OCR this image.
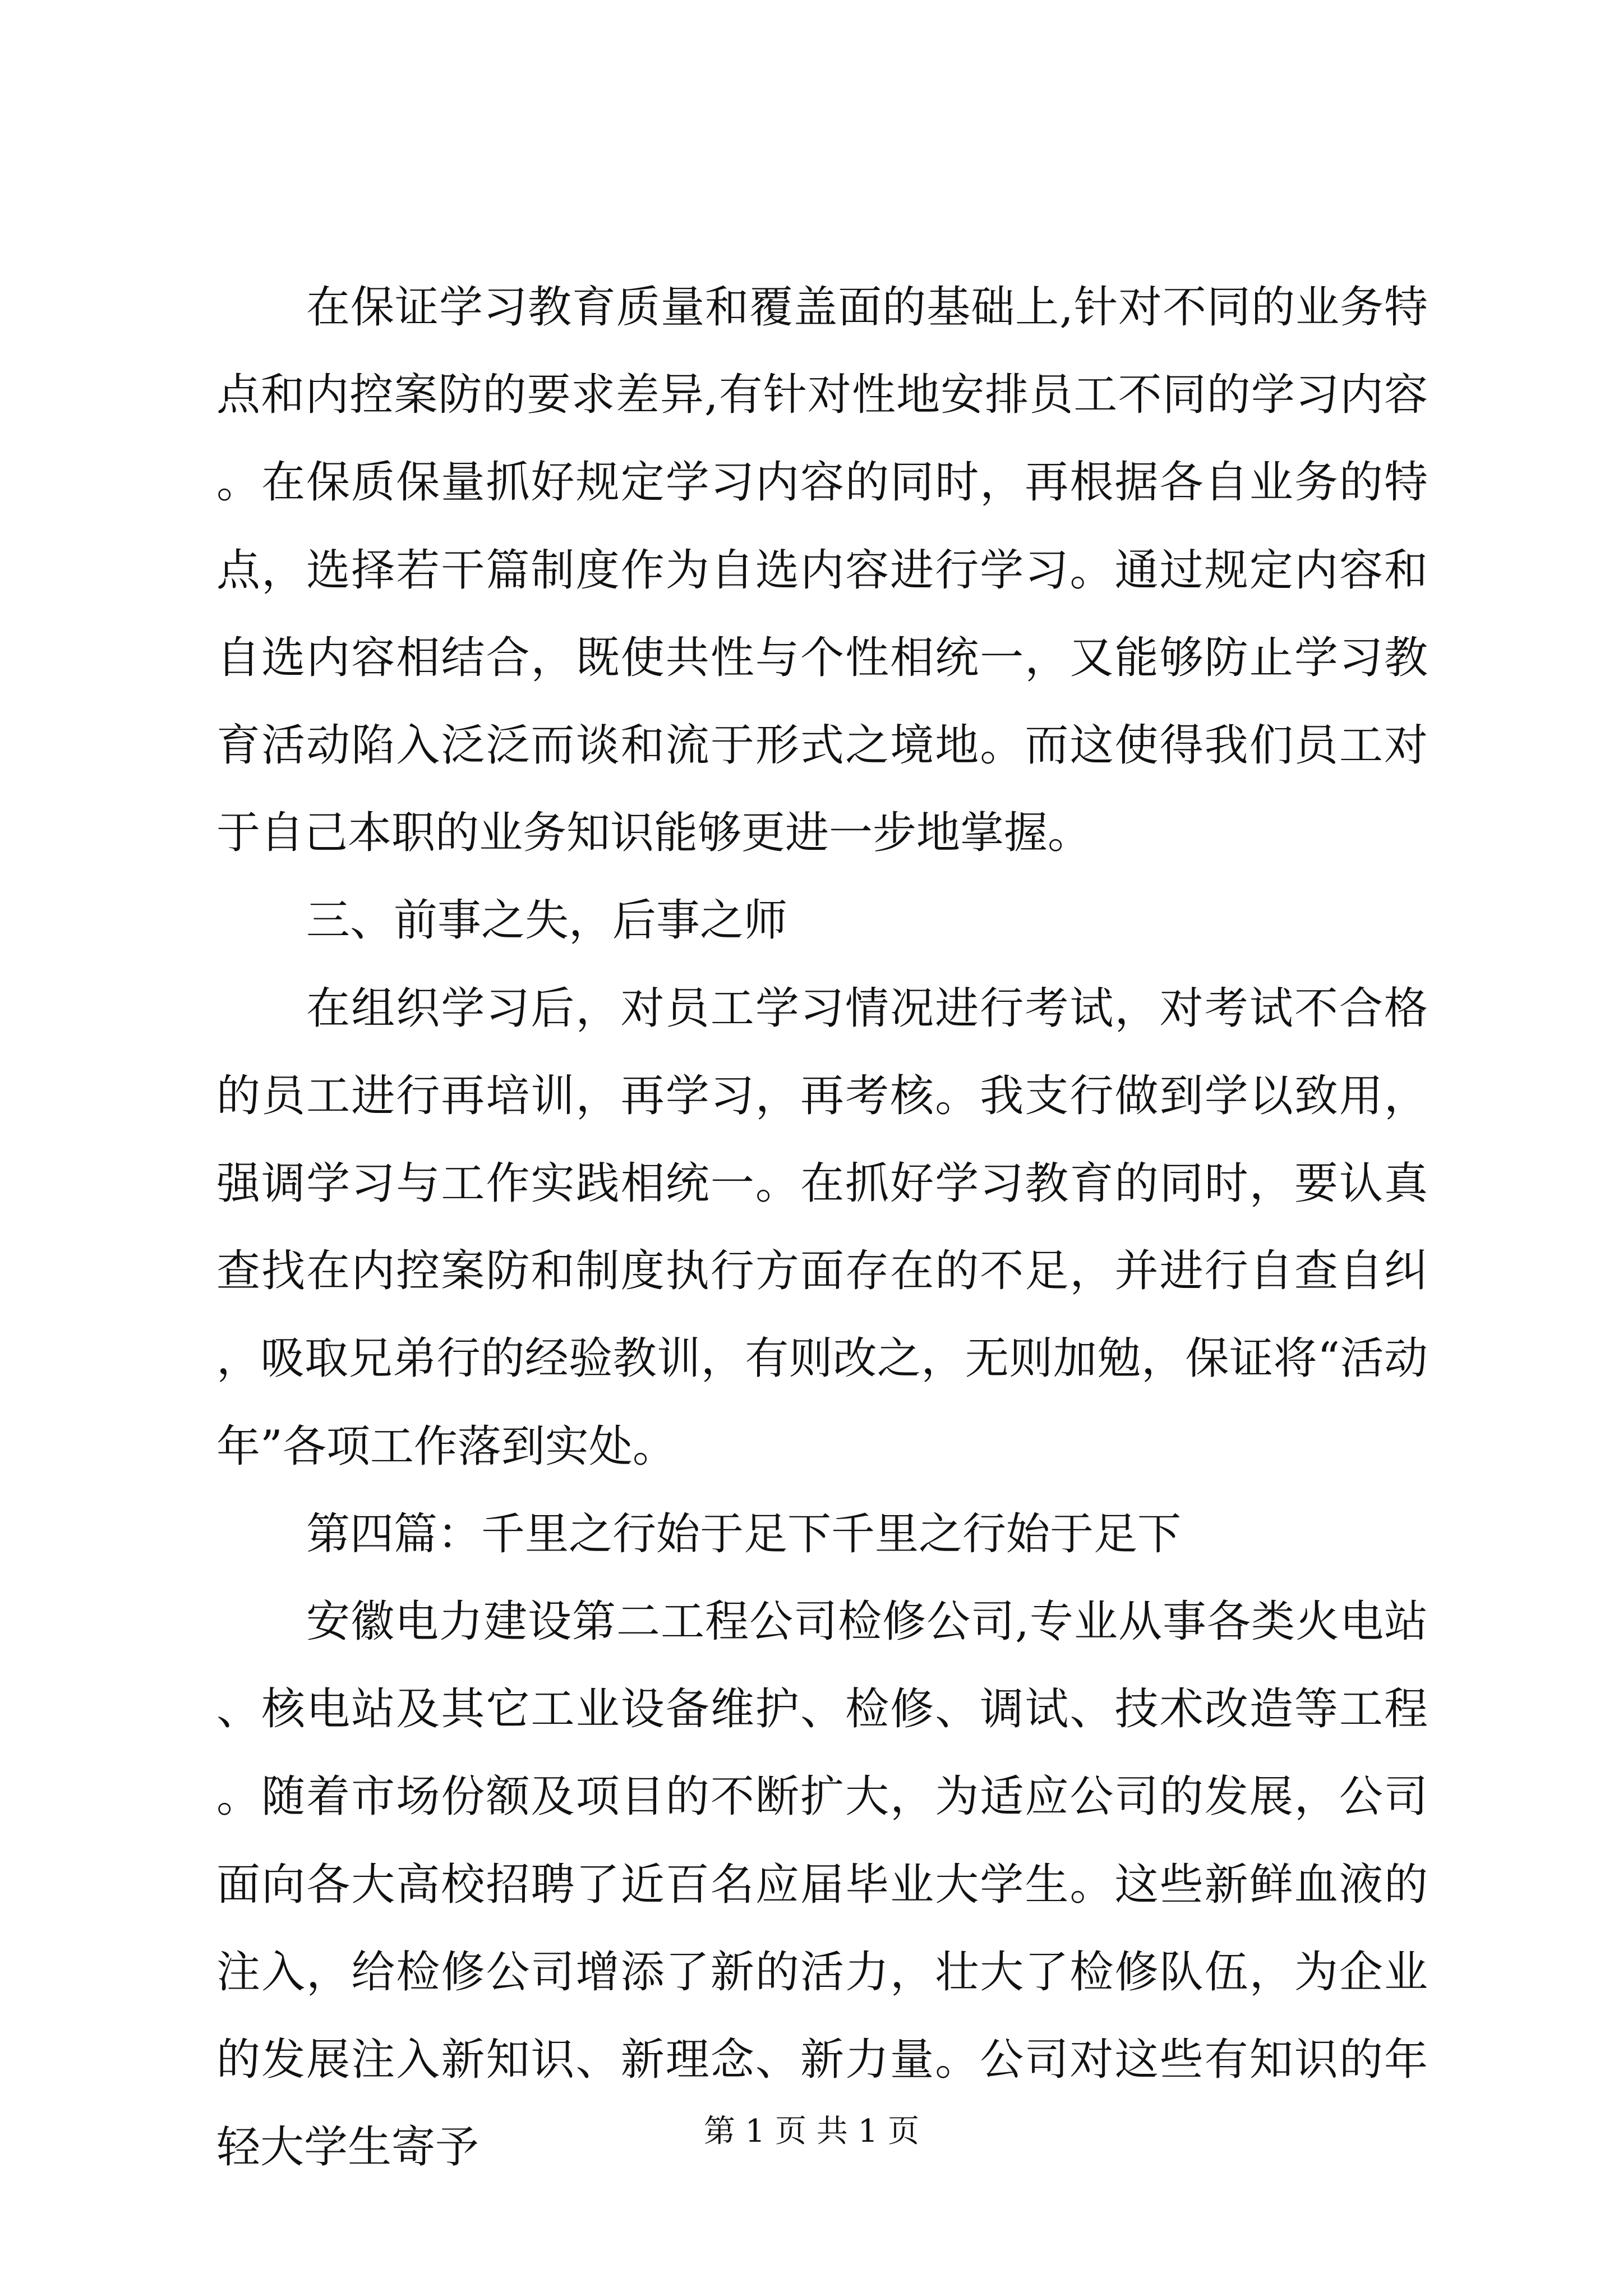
在保证学习教育质量和覆盖面的基础上,针对不同的业务特点和内控案防的要求差异,有针对性地安排员工不同的学习内容。在保质保量抓好规定学习内容的同时，再根据各自业务的特点，选择若干篇制度作为自选内容进行学习。通过规定内容和自选内容相结合，既使共性与个性相统一，又能够防止学习教育活动陷入泛泛而谈和流于形式之境地。而这使得我们员工对于自己本职的业务知识能够更进一步地掌握。

三、前事之失，后事之师

在组织学习后，对员工学习情况进行考试，对考试不合格的员工进行再培训，再学习，再考核。我支行做到学以致用，强调学习与工作实践相统一。在抓好学习教育的同时，要认真查找在内控案防和制度执行方面存在的不足，并进行自查自纠，吸取兄弟行的经验教训，有则改之，无则加勉，保证将“活动年”各项工作落到实处。

第四篇：千里之行始于足下千里之行始于足下

安徽电力建设第二工程公司检修公司,专业从事各类火电站、核电站及其它工业设备维护、检修、调试、技术改造等工程。随着市场份额及项目的不断扩大，为适应公司的发展，公司面向各大高校招聘了近百名应届毕业大学生。这些新鲜血液的注入，给检修公司增添了新的活力，壮大了检修队伍，为企业的发展注入新知识、新理念、新力量。公司对这些有知识的年轻大学生寄予	第 1 页 共 1 页
